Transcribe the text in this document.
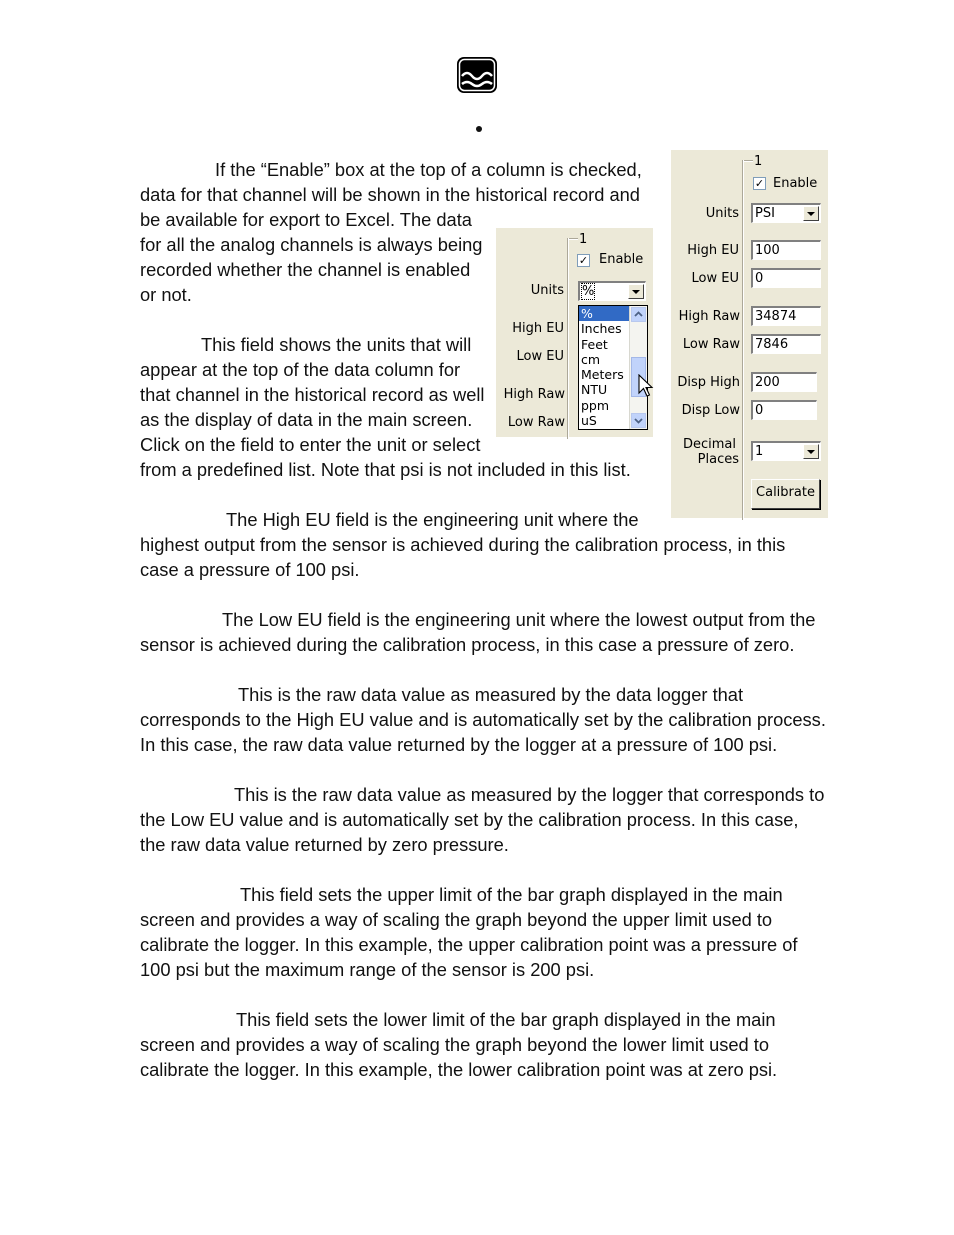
If the “Enable” box at the top of a column is checked,
data for that channel will be shown in the historical record and
be available for export to Excel. The data
for all the analog channels is always being
recorded whether the channel is enabled
or not.

This field shows the units that will
appear at the top of the data column for
that channel in the historical record as well
as the display of data in the main screen.
Click on the field to enter the unit or select
from a predefined list. Note that psi is not included in this list.

The High EU field is the engineering unit where the
highest output from the sensor is achieved during the calibration process, in this
case a pressure of 100 psi.

The Low EU field is the engineering unit where the lowest output from the
sensor is achieved during the calibration process, in this case a pressure of zero.

This is the raw data value as measured by the data logger that
corresponds to the High EU value and is automatically set by the calibration process.
In this case, the raw data value returned by the logger at a pressure of 100 psi.

This is the raw data value as measured by the logger that corresponds to
the Low EU value and is automatically set by the calibration process. In this case,
the raw data value returned by zero pressure.

This field sets the upper limit of the bar graph displayed in the main
screen and provides a way of scaling the graph beyond the upper limit used to
calibrate the logger. In this example, the upper calibration point was a pressure of
100 psi but the maximum range of the sensor is 200 psi.

This field sets the lower limit of the bar graph displayed in the main
screen and provides a way of scaling the graph beyond the lower limit used to
calibrate the logger. In this example, the lower calibration point was at zero psi.

1
✓ Enable
Units	%
High EU
Low EU
High Raw
Low Raw
%
Inches
Feet
cm
Meters
NTU
ppm
uS
1
✓ Enable
Units	PSI
High EU	100
Low EU	0
High Raw	34874
Low Raw	7846
Disp High	200
Disp Low	0
Decimal
Places
1
Calibrate
